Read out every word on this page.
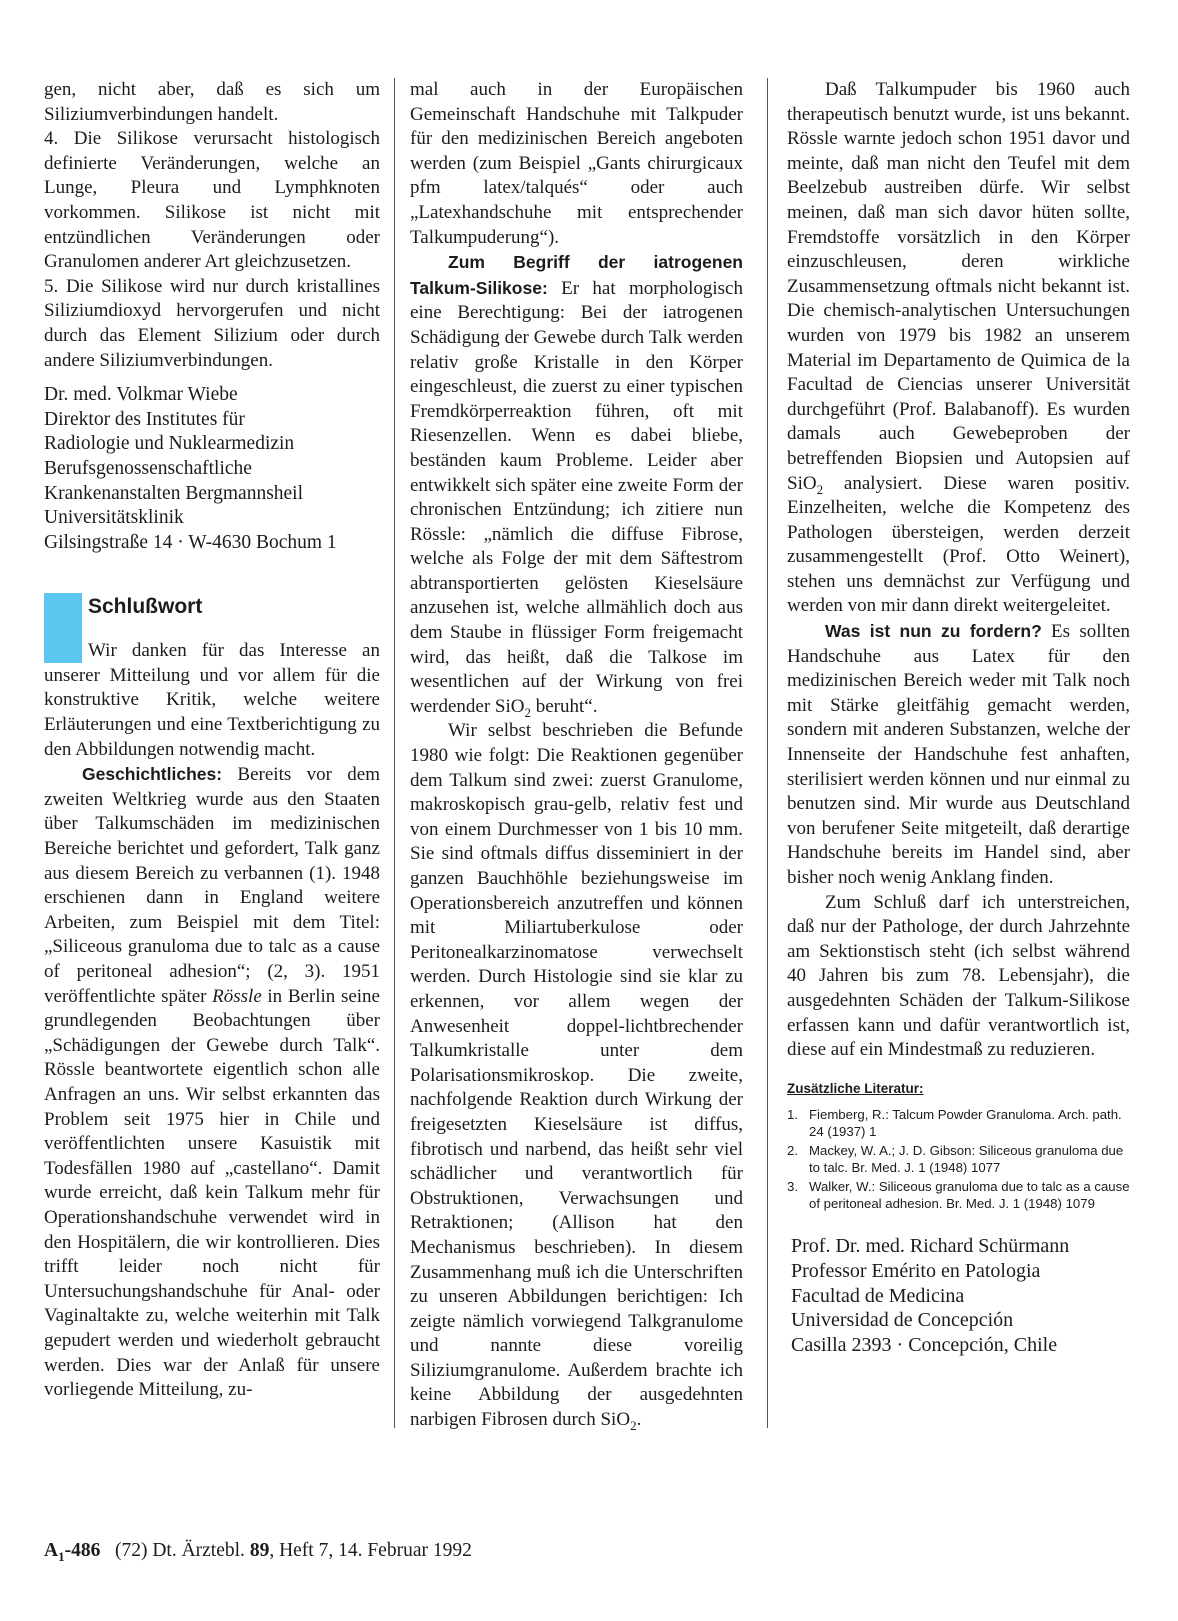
gen, nicht aber, daß es sich um Siliziumverbindungen handelt.

4. Die Silikose verursacht histologisch definierte Veränderungen, welche an Lunge, Pleura und Lymphknoten vorkommen. Silikose ist nicht mit entzündlichen Veränderungen oder Granulomen anderer Art gleichzusetzen.

5. Die Silikose wird nur durch kristallines Siliziumdioxyd hervorgerufen und nicht durch das Element Silizium oder durch andere Siliziumverbindungen.

Dr. med. Volkmar Wiebe
Direktor des Institutes für
Radiologie und Nuklearmedizin
Berufsgenossenschaftliche
Krankenanstalten Bergmannsheil
Universitätsklinik
Gilsingstraße 14 · W-4630 Bochum 1
Schlußwort

Wir danken für das Interesse an unserer Mitteilung und vor allem für die konstruktive Kritik, welche weitere Erläuterungen und eine Textberichtigung zu den Abbildungen notwendig macht.

Geschichtliches: Bereits vor dem zweiten Weltkrieg wurde aus den Staaten über Talkumschäden im medizinischen Bereiche berichtet und gefordert, Talk ganz aus diesem Bereich zu verbannen (1). 1948 erschienen dann in England weitere Arbeiten, zum Beispiel mit dem Titel: „Siliceous granuloma due to talc as a cause of peritoneal adhesion“; (2, 3). 1951 veröffentlichte später Rössle in Berlin seine grundlegenden Beobachtungen über „Schädigungen der Gewebe durch Talk“. Rössle beantwortete eigentlich schon alle Anfragen an uns. Wir selbst erkannten das Problem seit 1975 hier in Chile und veröffentlichten unsere Kasuistik mit Todesfällen 1980 auf „castellano“. Damit wurde erreicht, daß kein Talkum mehr für Operationshandschuhe verwendet wird in den Hospitälern, die wir kontrollieren. Dies trifft leider noch nicht für Untersuchungshandschuhe für Anal- oder Vaginaltakte zu, welche weiterhin mit Talk gepudert werden und wiederholt gebraucht werden. Dies war der Anlaß für unsere vorliegende Mitteilung, zu-

mal auch in der Europäischen Gemeinschaft Handschuhe mit Talkpuder für den medizinischen Bereich angeboten werden (zum Beispiel „Gants chirurgicaux pfm latex/talqués“ oder auch „Latexhandschuhe mit entsprechender Talkumpuderung“).

Zum Begriff der iatrogenen Talkum-Silikose: Er hat morphologisch eine Berechtigung: Bei der iatrogenen Schädigung der Gewebe durch Talk werden relativ große Kristalle in den Körper eingeschleust, die zuerst zu einer typischen Fremdkörperreaktion führen, oft mit Riesenzellen. Wenn es dabei bliebe, beständen kaum Probleme. Leider aber entwikkelt sich später eine zweite Form der chronischen Entzündung; ich zitiere nun Rössle: „nämlich die diffuse Fibrose, welche als Folge der mit dem Säftestrom abtransportierten gelösten Kieselsäure anzusehen ist, welche allmählich doch aus dem Staube in flüssiger Form freigemacht wird, das heißt, daß die Talkose im wesentlichen auf der Wirkung von frei werdender SiO$_2$ beruht“.

Wir selbst beschrieben die Befunde 1980 wie folgt: Die Reaktionen gegenüber dem Talkum sind zwei: zuerst Granulome, makroskopisch grau-gelb, relativ fest und von einem Durchmesser von 1 bis 10 mm. Sie sind oftmals diffus disseminiert in der ganzen Bauchhöhle beziehungsweise im Operationsbereich anzutreffen und können mit Miliartuberkulose oder Peritonealkarzinomatose verwechselt werden. Durch Histologie sind sie klar zu erkennen, vor allem wegen der Anwesenheit doppel-lichtbrechender Talkumkristalle unter dem Polarisationsmikroskop. Die zweite, nachfolgende Reaktion durch Wirkung der freigesetzten Kieselsäure ist diffus, fibrotisch und narbend, das heißt sehr viel schädlicher und verantwortlich für Obstruktionen, Verwachsungen und Retraktionen; (Allison hat den Mechanismus beschrieben). In diesem Zusammenhang muß ich die Unterschriften zu unseren Abbildungen berichtigen: Ich zeigte nämlich vorwiegend Talkgranulome und nannte diese voreilig Siliziumgranulome. Außerdem brachte ich keine Abbildung der ausgedehnten narbigen Fibrosen durch SiO$_2$.

Daß Talkumpuder bis 1960 auch therapeutisch benutzt wurde, ist uns bekannt. Rössle warnte jedoch schon 1951 davor und meinte, daß man nicht den Teufel mit dem Beelzebub austreiben dürfe. Wir selbst meinen, daß man sich davor hüten sollte, Fremdstoffe vorsätzlich in den Körper einzuschleusen, deren wirkliche Zusammensetzung oftmals nicht bekannt ist. Die chemisch-analytischen Untersuchungen wurden von 1979 bis 1982 an unserem Material im Departamento de Quimica de la Facultad de Ciencias unserer Universität durchgeführt (Prof. Balabanoff). Es wurden damals auch Gewebeproben der betreffenden Biopsien und Autopsien auf SiO$_2$ analysiert. Diese waren positiv. Einzelheiten, welche die Kompetenz des Pathologen übersteigen, werden derzeit zusammengestellt (Prof. Otto Weinert), stehen uns demnächst zur Verfügung und werden von mir dann direkt weitergeleitet.

Was ist nun zu fordern? Es sollten Handschuhe aus Latex für den medizinischen Bereich weder mit Talk noch mit Stärke gleitfähig gemacht werden, sondern mit anderen Substanzen, welche der Innenseite der Handschuhe fest anhaften, sterilisiert werden können und nur einmal zu benutzen sind. Mir wurde aus Deutschland von berufener Seite mitgeteilt, daß derartige Handschuhe bereits im Handel sind, aber bisher noch wenig Anklang finden.

Zum Schluß darf ich unterstreichen, daß nur der Pathologe, der durch Jahrzehnte am Sektionstisch steht (ich selbst während 40 Jahren bis zum 78. Lebensjahr), die ausgedehnten Schäden der Talkum-Silikose erfassen kann und dafür verantwortlich ist, diese auf ein Mindestmaß zu reduzieren.

Zusätzliche Literatur:
1. Fiemberg, R.: Talcum Powder Granuloma. Arch. path. 24 (1937) 1
2. Mackey, W. A.; J. D. Gibson: Siliceous granuloma due to talc. Br. Med. J. 1 (1948) 1077
3. Walker, W.: Siliceous granuloma due to talc as a cause of peritoneal adhesion. Br. Med. J. 1 (1948) 1079
Prof. Dr. med. Richard Schürmann
Professor Emérito en Patologia
Facultad de Medicina
Universidad de Concepción
Casilla 2393 · Concepción, Chile
$A_1-486$ (72) Dt. Ärztebl. 89, Heft 7, 14. Februar 1992
